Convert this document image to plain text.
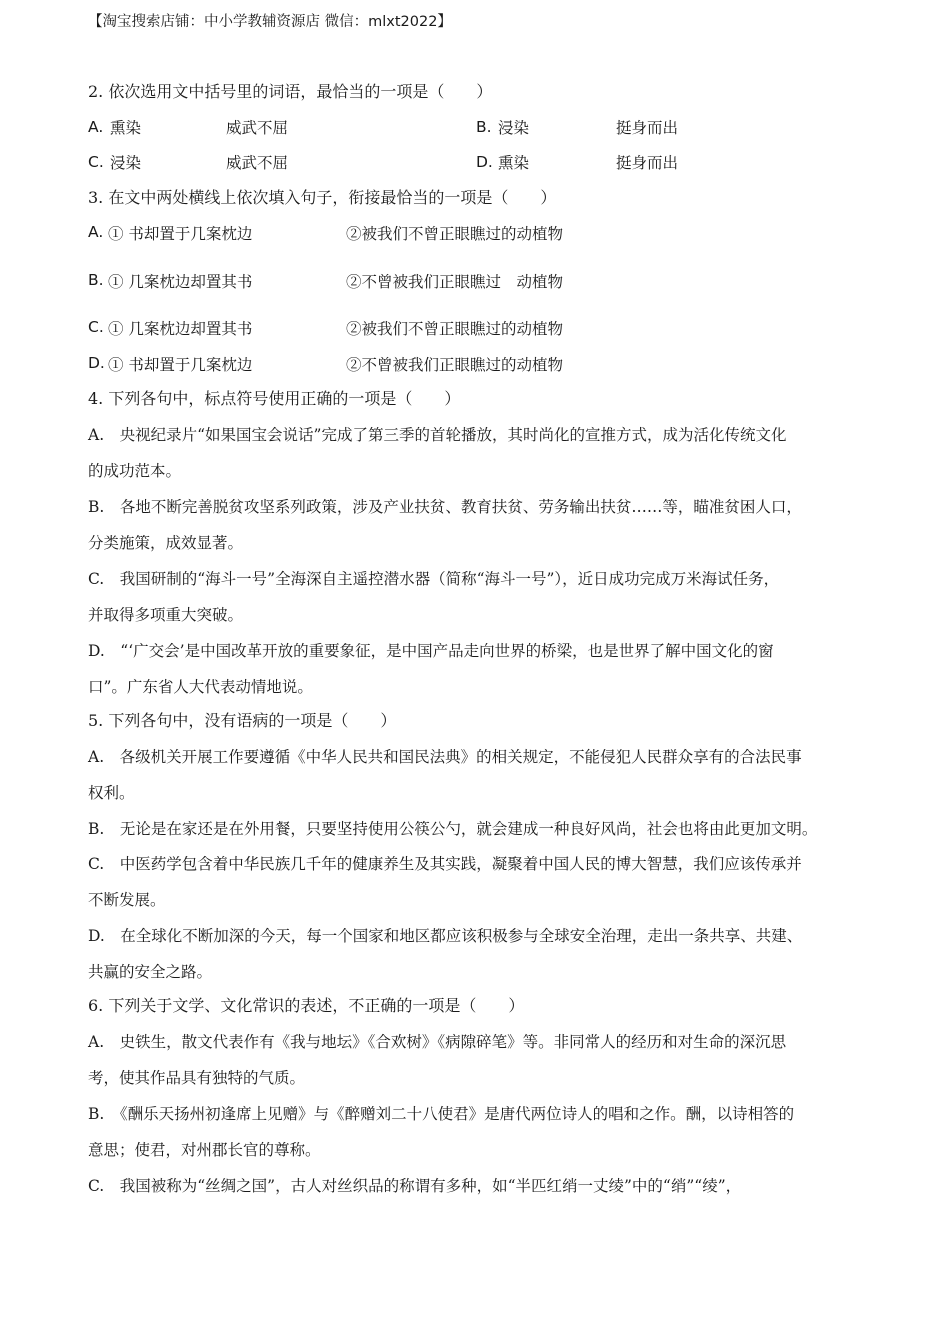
【淘宝搜索店铺：中小学教辅资源店 微信：mlxt2022】
2. 依次选用文中括号里的词语，最恰当的一项是（　　）
A. 熏染	威武不屈	B. 浸染	挺身而出
C. 浸染	威武不屈	D. 熏染	挺身而出
3. 在文中两处横线上依次填入句子，衔接最恰当的一项是（　　）
A. ① 书却置于几案枕边	②被我们不曾正眼瞧过的动植物
B. ① 几案枕边却置其书	②不曾被我们正眼瞧过　动植物
C. ① 几案枕边却置其书	②被我们不曾正眼瞧过的动植物
D. ① 书却置于几案枕边	②不曾被我们正眼瞧过的动植物
4. 下列各句中，标点符号使用正确的一项是（　　）
A.　央视纪录片“如果国宝会说话”完成了第三季的首轮播放，其时尚化的宣推方式，成为活化传统文化
的成功范本。
B.　各地不断完善脱贫攻坚系列政策，涉及产业扶贫、教育扶贫、劳务输出扶贫……等，瞄准贫困人口，
分类施策，成效显著。
C.　我国研制的“海斗一号”全海深自主遥控潜水器（简称“海斗一号”），近日成功完成万米海试任务，
并取得多项重大突破。
D.　“‘广交会’是中国改革开放的重要象征，是中国产品走向世界的桥梁，也是世界了解中国文化的窗
口”。广东省人大代表动情地说。
5. 下列各句中，没有语病的一项是（　　）
A.　各级机关开展工作要遵循《中华人民共和国民法典》的相关规定，不能侵犯人民群众享有的合法民事
权利。
B.　无论是在家还是在外用餐，只要坚持使用公筷公勺，就会建成一种良好风尚，社会也将由此更加文明。
C.　中医药学包含着中华民族几千年的健康养生及其实践，凝聚着中国人民的博大智慧，我们应该传承并
不断发展。
D.　在全球化不断加深的今天，每一个国家和地区都应该积极参与全球安全治理，走出一条共享、共建、
共赢的安全之路。
6. 下列关于文学、文化常识的表述，不正确的一项是（　　）
A.　史铁生，散文代表作有《我与地坛》《合欢树》《病隙碎笔》等。非同常人的经历和对生命的深沉思
考，使其作品具有独特的气质。
B.　《酬乐天扬州初逢席上见赠》与《醉赠刘二十八使君》是唐代两位诗人的唱和之作。酬，以诗相答的
意思；使君，对州郡长官的尊称。
C.　我国被称为“丝绸之国”，古人对丝织品的称谓有多种，如“半匹红绡一丈绫”中的“绡”“绫”，
